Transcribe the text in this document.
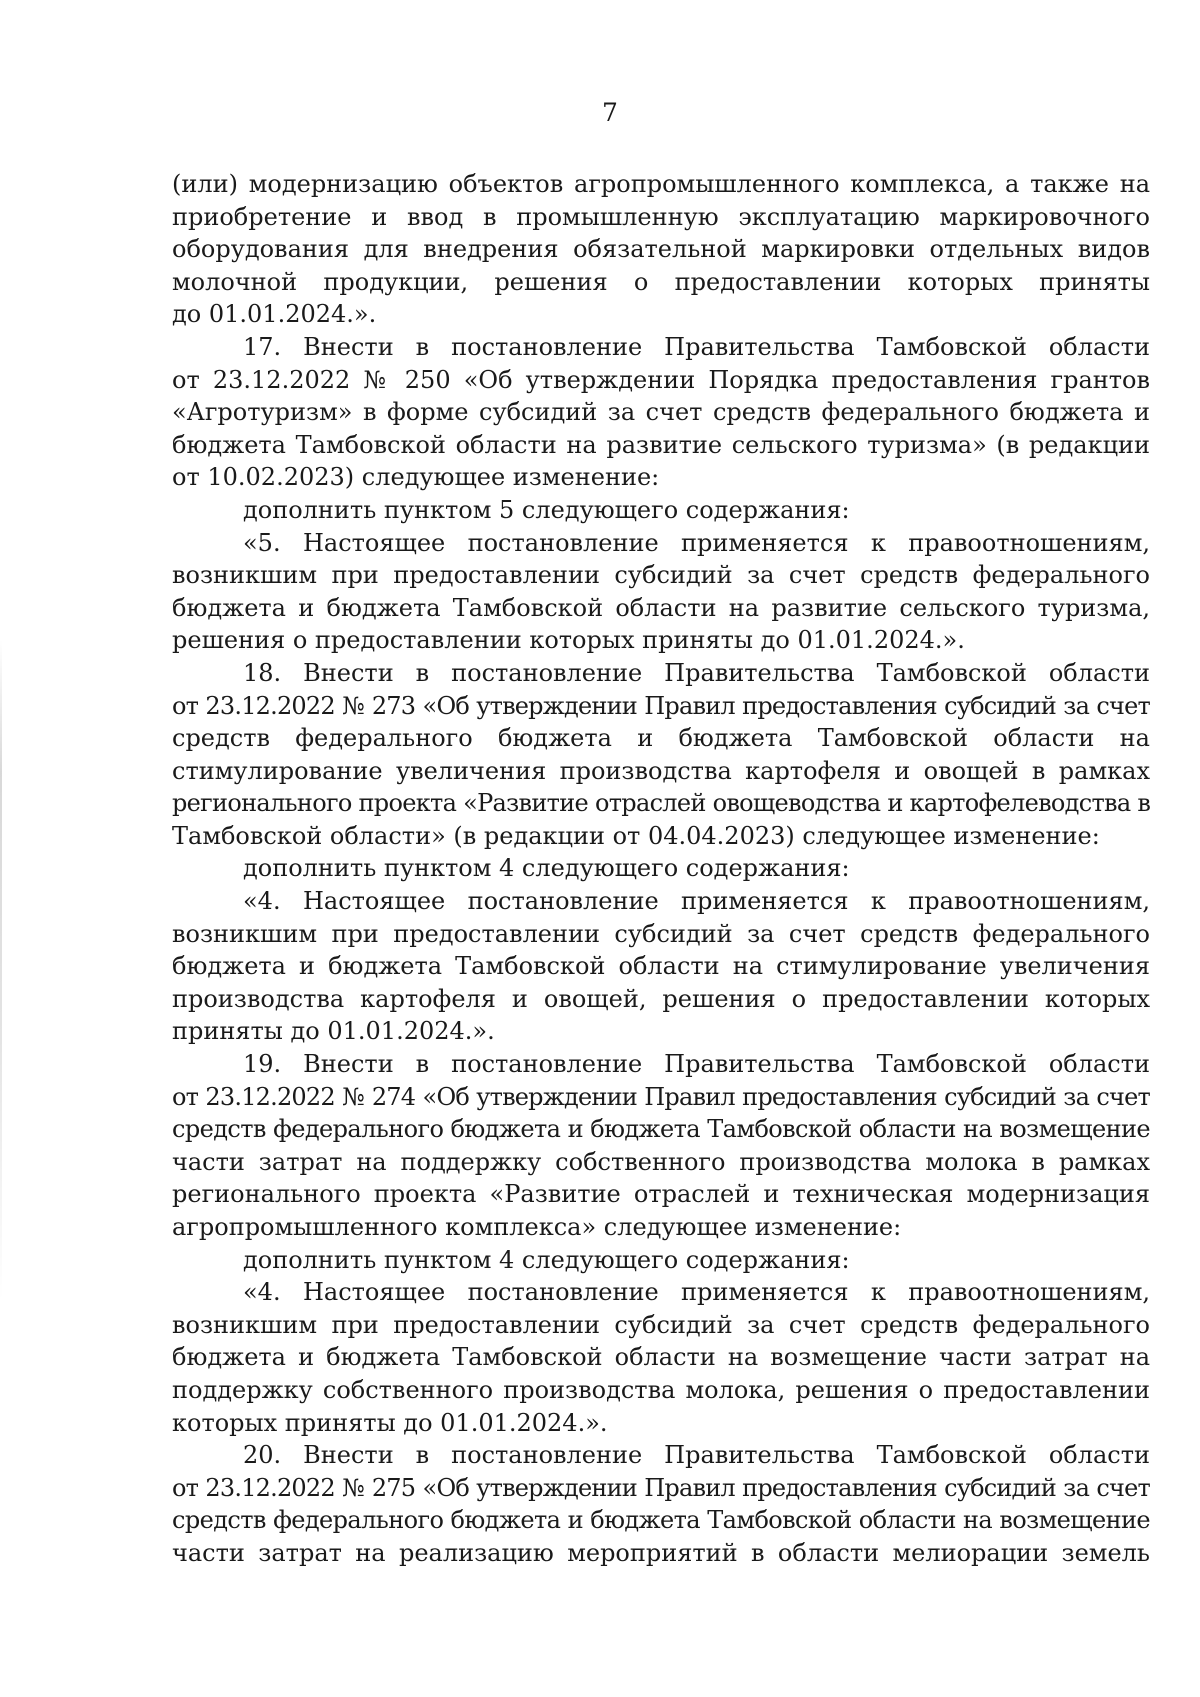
7
(или) модернизацию объектов агропромышленного комплекса, а также на
приобретение и ввод в промышленную эксплуатацию маркировочного
оборудования для внедрения обязательной маркировки отдельных видов
молочной продукции, решения о предоставлении которых приняты
до 01.01.2024.».
17. Внести в постановление Правительства Тамбовской области
от 23.12.2022 № 250 «Об утверждении Порядка предоставления грантов
«Агротуризм» в форме субсидий за счет средств федерального бюджета и
бюджета Тамбовской области на развитие сельского туризма» (в редакции
от 10.02.2023) следующее изменение:
дополнить пунктом 5 следующего содержания:
«5. Настоящее постановление применяется к правоотношениям,
возникшим при предоставлении субсидий за счет средств федерального
бюджета и бюджета Тамбовской области на развитие сельского туризма,
решения о предоставлении которых приняты до 01.01.2024.».
18. Внести в постановление Правительства Тамбовской области
от 23.12.2022 № 273 «Об утверждении Правил предоставления субсидий за счет
средств федерального бюджета и бюджета Тамбовской области на
стимулирование увеличения производства картофеля и овощей в рамках
регионального проекта «Развитие отраслей овощеводства и картофелеводства в
Тамбовской области» (в редакции от 04.04.2023) следующее изменение:
дополнить пунктом 4 следующего содержания:
«4. Настоящее постановление применяется к правоотношениям,
возникшим при предоставлении субсидий за счет средств федерального
бюджета и бюджета Тамбовской области на стимулирование увеличения
производства картофеля и овощей, решения о предоставлении которых
приняты до 01.01.2024.».
19. Внести в постановление Правительства Тамбовской области
от 23.12.2022 № 274 «Об утверждении Правил предоставления субсидий за счет
средств федерального бюджета и бюджета Тамбовской области на возмещение
части затрат на поддержку собственного производства молока в рамках
регионального проекта «Развитие отраслей и техническая модернизация
агропромышленного комплекса» следующее изменение:
дополнить пунктом 4 следующего содержания:
«4. Настоящее постановление применяется к правоотношениям,
возникшим при предоставлении субсидий за счет средств федерального
бюджета и бюджета Тамбовской области на возмещение части затрат на
поддержку собственного производства молока, решения о предоставлении
которых приняты до 01.01.2024.».
20. Внести в постановление Правительства Тамбовской области
от 23.12.2022 № 275 «Об утверждении Правил предоставления субсидий за счет
средств федерального бюджета и бюджета Тамбовской области на возмещение
части затрат на реализацию мероприятий в области мелиорации земель
